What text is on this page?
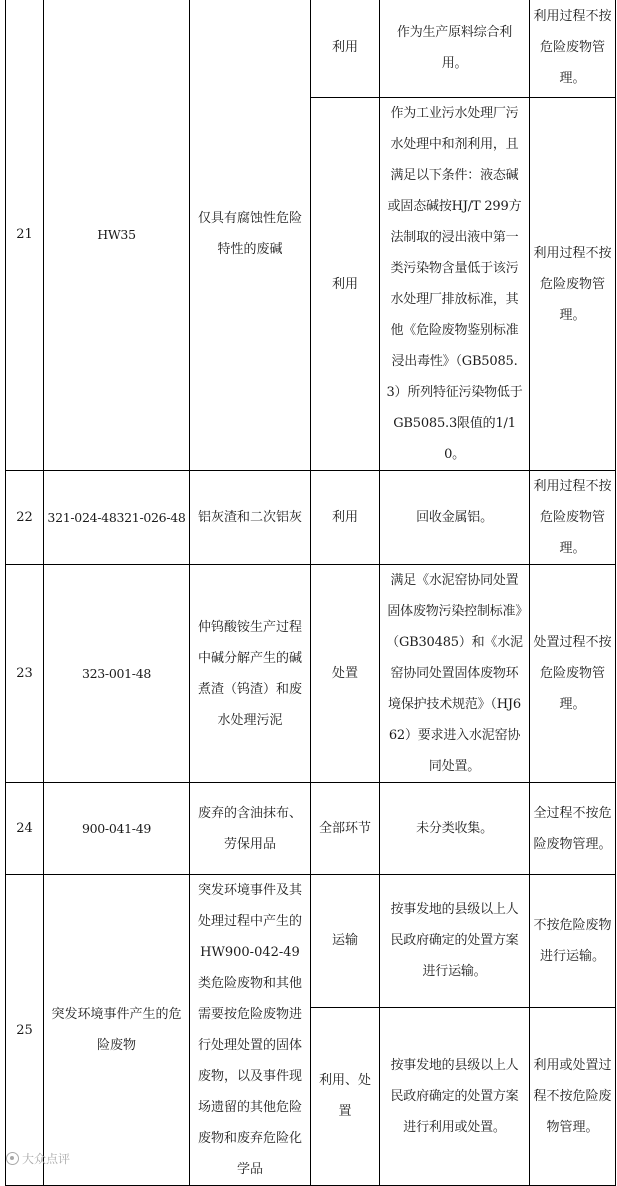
21	HW35	仅具有腐蚀性危险特性的废碱	利用	作为生产原料综合利用。	利用过程不按危险废物管理。
			利用	作为工业污水处理厂污水处理中和剂利用，且满足以下条件：液态碱或固态碱按HJ/T 299方法制取的浸出液中第一类污染物含量低于该污水处理厂排放标准，其他《危险废物鉴别标准 浸出毒性》（GB5085.3）所列特征污染物低于GB5085.3限值的1/10。	利用过程不按危险废物管理。
22	321-024-48321-026-48	铝灰渣和二次铝灰	利用	回收金属铝。	利用过程不按危险废物管理。
23	323-001-48	仲钨酸铵生产过程中碱分解产生的碱煮渣（钨渣）和废水处理污泥	处置	满足《水泥窑协同处置固体废物污染控制标准》（GB30485）和《水泥窑协同处置固体废物环境保护技术规范》（HJ662）要求进入水泥窑协同处置。	处置过程不按危险废物管理。
24	900-041-49	废弃的含油抹布、劳保用品	全部环节	未分类收集。	全过程不按危险废物管理。
25	突发环境事件产生的危险废物	突发环境事件及其处理过程中产生的HW900-042-49类危险废物和其他需要按危险废物进行处理处置的固体废物，以及事件现场遗留的其他危险废物和废弃危险化学品	运输	按事发地的县级以上人民政府确定的处置方案进行运输。	不按危险废物进行运输。
			利用、处置	按事发地的县级以上人民政府确定的处置方案进行利用或处置。	利用或处置过程不按危险废物管理。
大众点评
